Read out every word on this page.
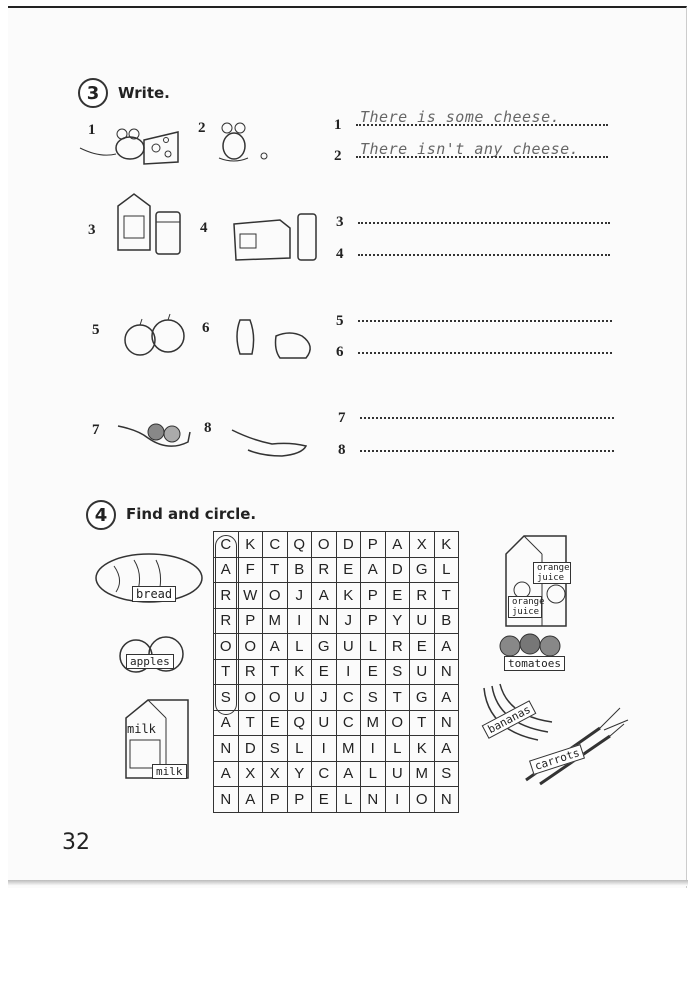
3	Write.
1	2
3	4
5	6
7	8
1
2
3
4
5
6
7
8
There is some cheese.
There isn't any cheese.
4	Find and circle.
C	K	C	Q	O	D	P	A	X	K
A	F	T	B	R	E	A	D	G	L
R	W	O	J	A	K	P	E	R	T
R	P	M	I	N	J	P	Y	U	B
O	O	A	L	G	U	L	R	E	A
T	R	T	K	E	I	E	S	U	N
S	O	O	U	J	C	S	T	G	A
A	T	E	Q	U	C	M	O	T	N
N	D	S	L	I	M	I	L	K	A
A	X	X	Y	C	A	L	U	M	S
N	A	P	P	E	L	N	I	O	N
bread
apples
milk
milk
orange juice
orange juice
tomatoes
bananas
carrots
32
